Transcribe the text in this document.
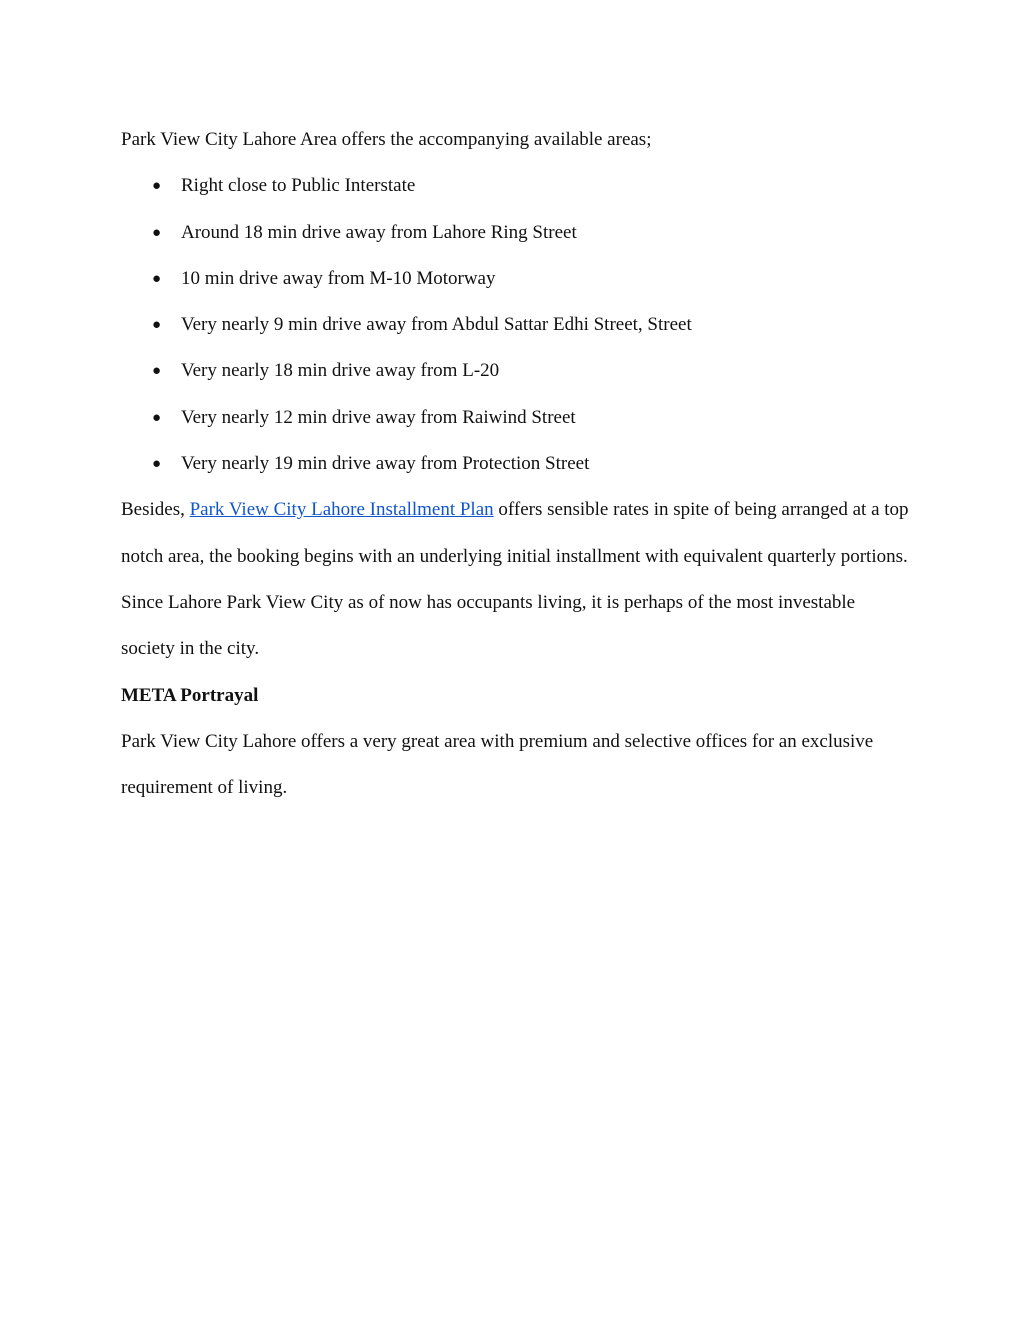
Park View City Lahore Area offers the accompanying available areas;

● Right close to Public Interstate
● Around 18 min drive away from Lahore Ring Street
● 10 min drive away from M-10 Motorway
● Very nearly 9 min drive away from Abdul Sattar Edhi Street, Street
● Very nearly 18 min drive away from L-20
● Very nearly 12 min drive away from Raiwind Street
● Very nearly 19 min drive away from Protection Street

Besides, Park View City Lahore Installment Plan offers sensible rates in spite of being arranged at a top notch area, the booking begins with an underlying initial installment with equivalent quarterly portions. Since Lahore Park View City as of now has occupants living, it is perhaps of the most investable society in the city.

META Portrayal

Park View City Lahore offers a very great area with premium and selective offices for an exclusive requirement of living.
